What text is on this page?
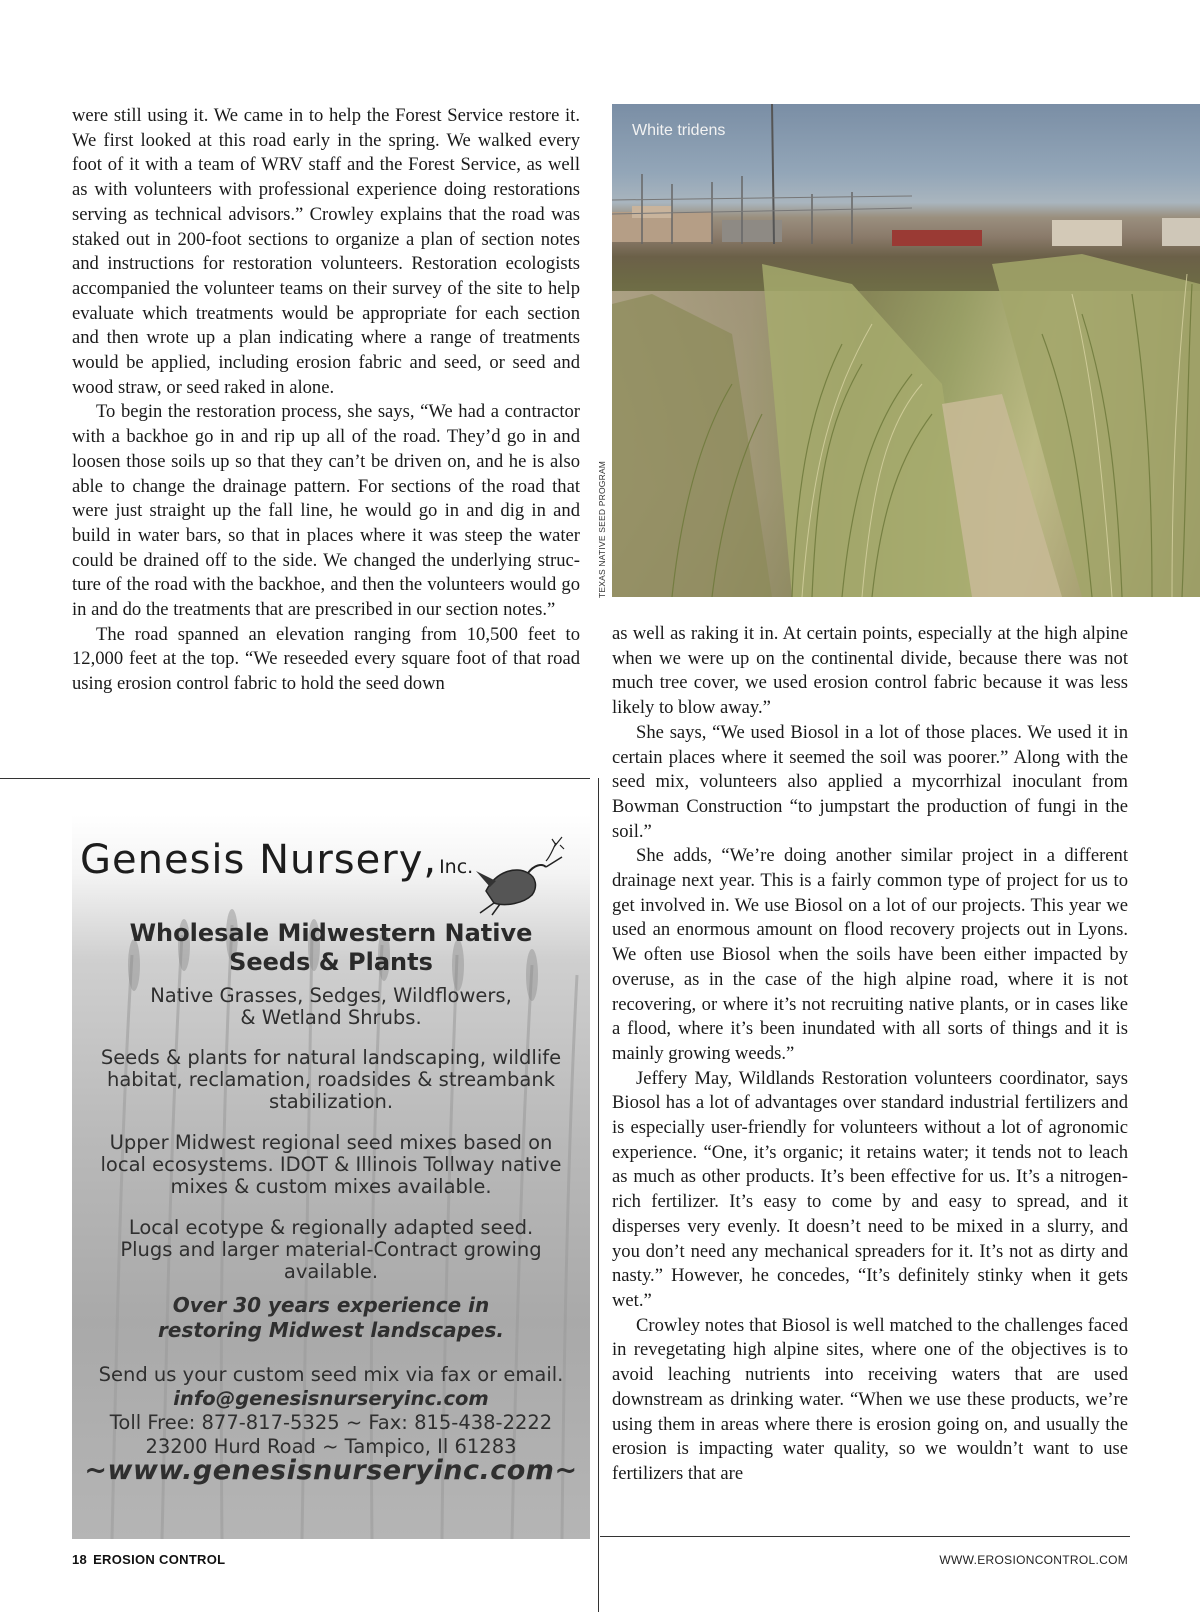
were still using it. We came in to help the Forest Service restore it. We first looked at this road early in the spring. We walked every foot of it with a team of WRV staff and the Forest Service, as well as with volunteers with professional experience doing restorations serving as technical advisors.” Crowley explains that the road was staked out in 200-foot sections to organize a plan of section notes and instructions for restoration volunteers. Restoration ecologists accompanied the volunteer teams on their survey of the site to help evaluate which treatments would be appropriate for each section and then wrote up a plan indicating where a range of treatments would be applied, including erosion fabric and seed, or seed and wood straw, or seed raked in alone.

To begin the restoration process, she says, “We had a contractor with a backhoe go in and rip up all of the road. They’d go in and loosen those soils up so that they can’t be driven on, and he is also able to change the drainage pattern. For sections of the road that were just straight up the fall line, he would go in and dig in and build in water bars, so that in places where it was steep the water could be drained off to the side. We changed the underlying structure of the road with the backhoe, and then the volunteers would go in and do the treatments that are prescribed in our section notes.”

The road spanned an elevation ranging from 10,500 feet to 12,000 feet at the top. “We reseeded every square foot of that road using erosion control fabric to hold the seed down

White tridens
TEXAS NATIVE SEED PROGRAM

as well as raking it in. At certain points, especially at the high alpine when we were up on the continental divide, because there was not much tree cover, we used erosion control fabric because it was less likely to blow away.”

She says, “We used Biosol in a lot of those places. We used it in certain places where it seemed the soil was poorer.” Along with the seed mix, volunteers also applied a mycorrhizal inoculant from Bowman Construction “to jumpstart the production of fungi in the soil.”

She adds, “We’re doing another similar project in a different drainage next year. This is a fairly common type of project for us to get involved in. We use Biosol on a lot of our projects. This year we used an enormous amount on flood recovery projects out in Lyons. We often use Biosol when the soils have been either impacted by overuse, as in the case of the high alpine road, where it is not recovering, or where it’s not recruiting native plants, or in cases like a flood, where it’s been inundated with all sorts of things and it is mainly growing weeds.”

Jeffery May, Wildlands Restoration volunteers coordinator, says Biosol has a lot of advantages over standard industrial fertilizers and is especially user-friendly for volunteers without a lot of agronomic experience. “One, it’s organic; it retains water; it tends not to leach as much as other products. It’s been effective for us. It’s a nitrogen-rich fertilizer. It’s easy to come by and easy to spread, and it disperses very evenly. It doesn’t need to be mixed in a slurry, and you don’t need any mechanical spreaders for it. It’s not as dirty and nasty.” However, he concedes, “It’s definitely stinky when it gets wet.”

Crowley notes that Biosol is well matched to the challenges faced in revegetating high alpine sites, where one of the objectives is to avoid leaching nutrients into receiving waters that are used downstream as drinking water. “When we use these products, we’re using them in areas where there is erosion going on, and usually the erosion is impacting water quality, so we wouldn’t want to use fertilizers that are

Genesis Nursery, Inc.
Wholesale Midwestern Native
Seeds & Plants
Native Grasses, Sedges, Wildflowers,
& Wetland Shrubs.
Seeds & plants for natural landscaping, wildlife
habitat, reclamation, roadsides & streambank
stabilization.
Upper Midwest regional seed mixes based on
local ecosystems. IDOT & Illinois Tollway native
mixes & custom mixes available.
Local ecotype & regionally adapted seed.
Plugs and larger material-Contract growing
available.
Over 30 years experience in
restoring Midwest landscapes.
Send us your custom seed mix via fax or email.
info@genesisnurseryinc.com
Toll Free: 877-817-5325 ~ Fax: 815-438-2222
23200 Hurd Road ~ Tampico, Il 61283
~www.genesisnurseryinc.com~
18 EROSION CONTROL	WWW.EROSIONCONTROL.COM
